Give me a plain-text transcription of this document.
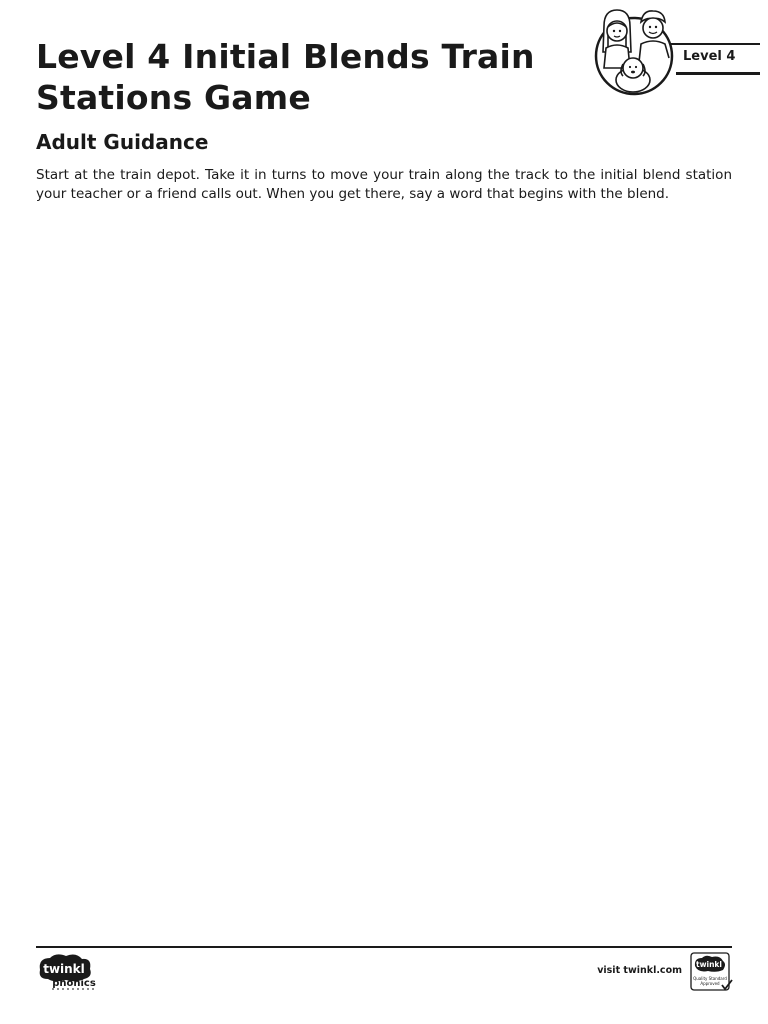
Level 4 Initial Blends Train
Stations Game
Level 4
Adult Guidance

Start at the train depot. Take it in turns to move your train along the track to the initial blend station your teacher or a friend calls out. When you get there, say a word that begins with the blend.

twinkl
phonics
visit twinkl.com
twinkl
Quality Standard
Approved
